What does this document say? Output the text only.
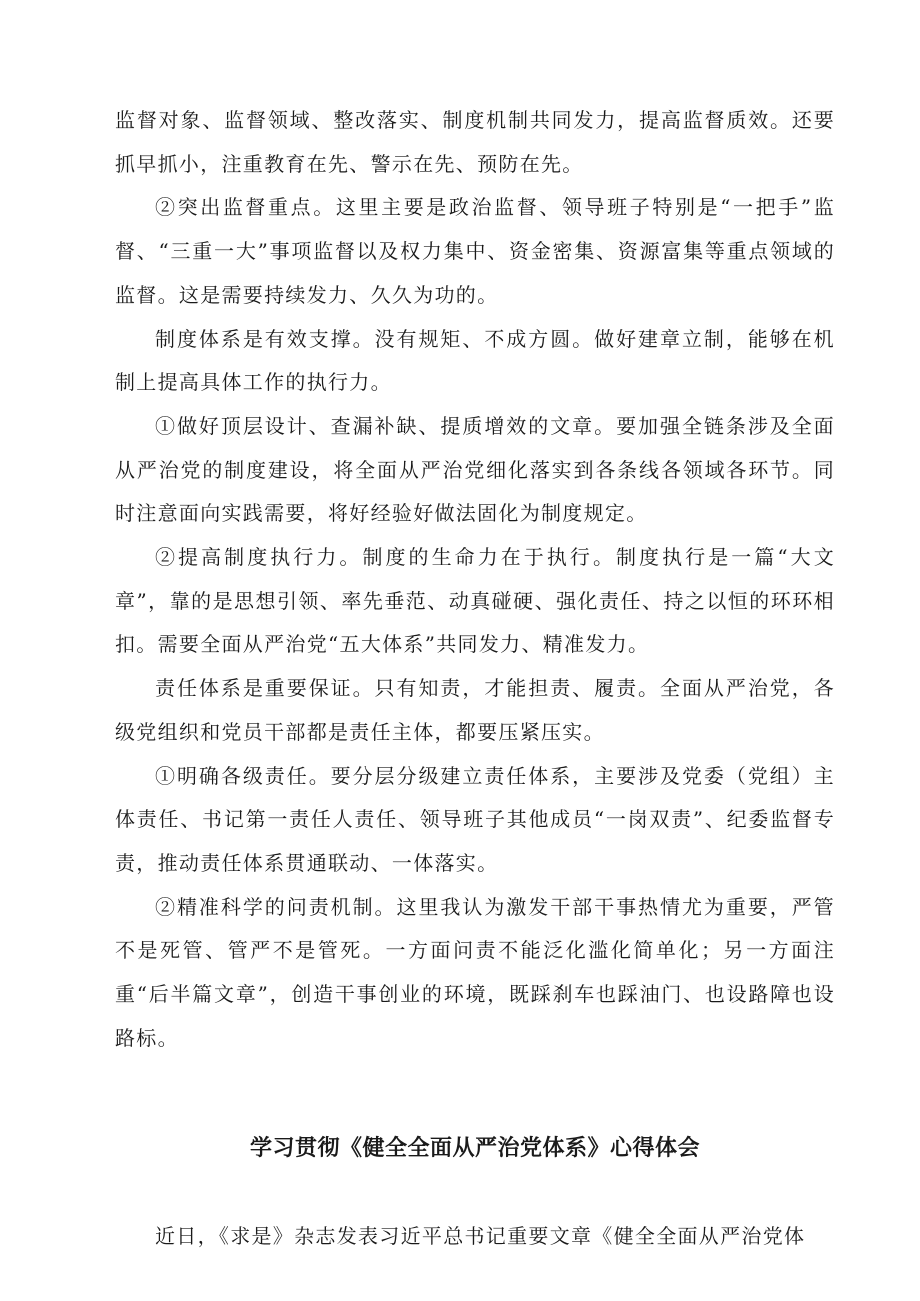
监督对象、监督领域、整改落实、制度机制共同发力，提高监督质效。还要抓早抓小，注重教育在先、警示在先、预防在先。

②突出监督重点。这里主要是政治监督、领导班子特别是“一把手”监督、“三重一大”事项监督以及权力集中、资金密集、资源富集等重点领域的监督。这是需要持续发力、久久为功的。

制度体系是有效支撑。没有规矩、不成方圆。做好建章立制，能够在机制上提高具体工作的执行力。

①做好顶层设计、查漏补缺、提质增效的文章。要加强全链条涉及全面从严治党的制度建设，将全面从严治党细化落实到各条线各领域各环节。同时注意面向实践需要，将好经验好做法固化为制度规定。

②提高制度执行力。制度的生命力在于执行。制度执行是一篇“大文章”，靠的是思想引领、率先垂范、动真碰硬、强化责任、持之以恒的环环相扣。需要全面从严治党“五大体系”共同发力、精准发力。

责任体系是重要保证。只有知责，才能担责、履责。全面从严治党，各级党组织和党员干部都是责任主体，都要压紧压实。

①明确各级责任。要分层分级建立责任体系，主要涉及党委（党组）主体责任、书记第一责任人责任、领导班子其他成员“一岗双责”、纪委监督专责，推动责任体系贯通联动、一体落实。

②精准科学的问责机制。这里我认为激发干部干事热情尤为重要，严管不是死管、管严不是管死。一方面问责不能泛化滥化简单化；另一方面注重“后半篇文章”，创造干事创业的环境，既踩刹车也踩油门、也设路障也设路标。

学习贯彻《健全全面从严治党体系》心得体会

近日，《求是》杂志发表习近平总书记重要文章《健全全面从严治党体
